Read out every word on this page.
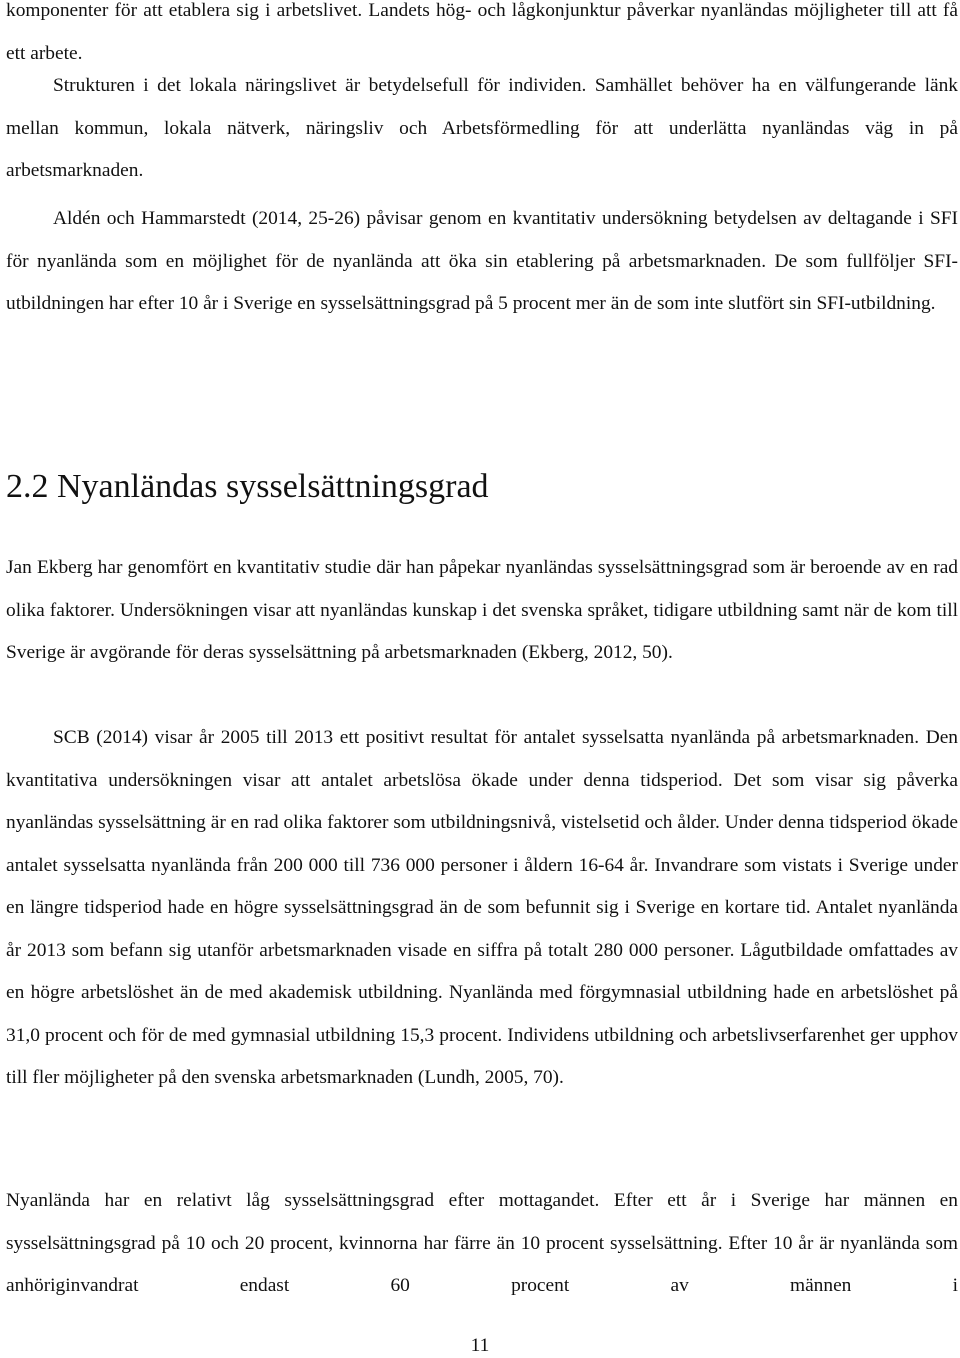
komponenter för att etablera sig i arbetslivet. Landets hög- och lågkonjunktur påverkar nyanländas möjligheter till att få ett arbete.

Strukturen i det lokala näringslivet är betydelsefull för individen. Samhället behöver ha en välfungerande länk mellan kommun, lokala nätverk, näringsliv och Arbetsförmedling för att underlätta nyanländas väg in på arbetsmarknaden.

Aldén och Hammarstedt (2014, 25-26) påvisar genom en kvantitativ undersökning betydelsen av deltagande i SFI för nyanlända som en möjlighet för de nyanlända att öka sin etablering på arbetsmarknaden. De som fullföljer SFI-utbildningen har efter 10 år i Sverige en sysselsättningsgrad på 5 procent mer än de som inte slutfört sin SFI-utbildning.

2.2 Nyanländas sysselsättningsgrad

Jan Ekberg har genomfört en kvantitativ studie där han påpekar nyanländas sysselsättningsgrad som är beroende av en rad olika faktorer. Undersökningen visar att nyanländas kunskap i det svenska språket, tidigare utbildning samt när de kom till Sverige är avgörande för deras sysselsättning på arbetsmarknaden (Ekberg, 2012, 50).

SCB (2014) visar år 2005 till 2013 ett positivt resultat för antalet sysselsatta nyanlända på arbetsmarknaden. Den kvantitativa undersökningen visar att antalet arbetslösa ökade under denna tidsperiod. Det som visar sig påverka nyanländas sysselsättning är en rad olika faktorer som utbildningsnivå, vistelsetid och ålder. Under denna tidsperiod ökade antalet sysselsatta nyanlända från 200 000 till 736 000 personer i åldern 16-64 år. Invandrare som vistats i Sverige under en längre tidsperiod hade en högre sysselsättningsgrad än de som befunnit sig i Sverige en kortare tid. Antalet nyanlända år 2013 som befann sig utanför arbetsmarknaden visade en siffra på totalt 280 000 personer. Lågutbildade omfattades av en högre arbetslöshet än de med akademisk utbildning. Nyanlända med förgymnasial utbildning hade en arbetslöshet på 31,0 procent och för de med gymnasial utbildning 15,3 procent. Individens utbildning och arbetslivserfarenhet ger upphov till fler möjligheter på den svenska arbetsmarknaden (Lundh, 2005, 70).

Nyanlända har en relativt låg sysselsättningsgrad efter mottagandet. Efter ett år i Sverige har männen en sysselsättningsgrad på 10 och 20 procent, kvinnorna har färre än 10 procent sysselsättning. Efter 10 år är nyanlända som anhöriginvandrat endast 60 procent av männen i

11
